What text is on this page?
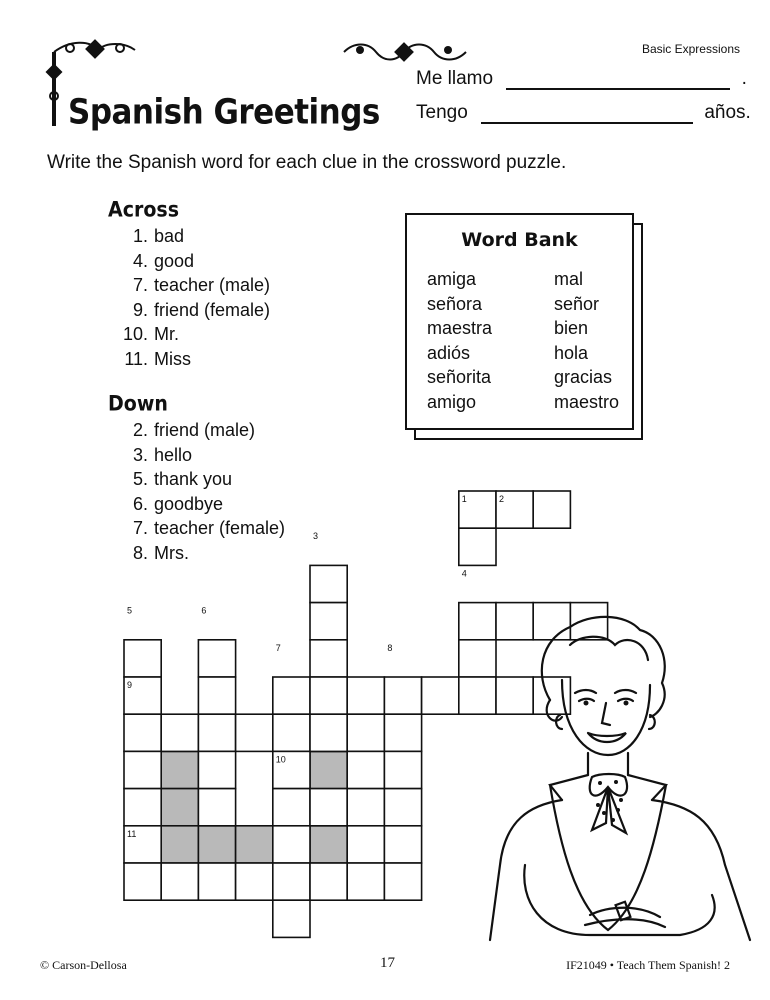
Basic Expressions
Spanish Greetings
Me llamo	.
Tengo	años.
Write the Spanish word for each clue in the crossword puzzle.
Across
1. bad
4. good
7. teacher (male)
9. friend (female)
10. Mr.
11. Miss
Down
2. friend (male)
3. hello
5. thank you
6. goodbye
7. teacher (female)
8. Mrs.
Word Bank
amiga
señora
maestra
adiós
señorita
amigo
mal
señor
bien
hola
gracias
maestro
1	2
3
4
5	6
7	8
9
10
11
© Carson-Dellosa	17	IF21049 • Teach Them Spanish! 2
